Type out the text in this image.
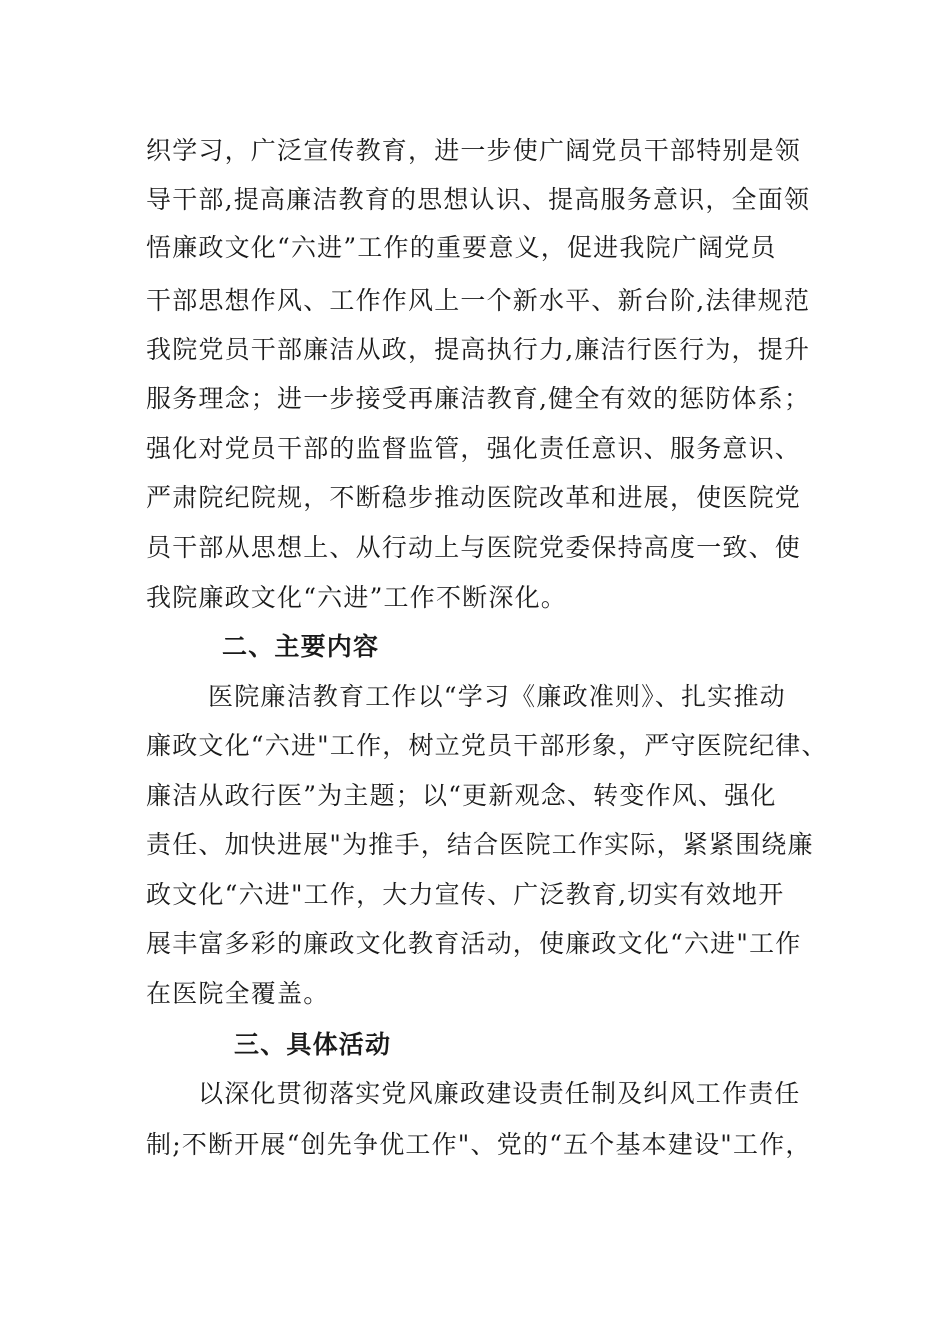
织学习，广泛宣传教育，进一步使广阔党员干部特别是领
导干部,提高廉洁教育的思想认识、提高服务意识，全面领
悟廉政文化“六进”工作的重要意义，促进我院广阔党员
干部思想作风、工作作风上一个新水平、新台阶,法律规范
我院党员干部廉洁从政，提高执行力,廉洁行医行为，提升
服务理念；进一步接受再廉洁教育,健全有效的惩防体系；
强化对党员干部的监督监管，强化责任意识、服务意识、
严肃院纪院规，不断稳步推动医院改革和进展，使医院党
员干部从思想上、从行动上与医院党委保持高度一致、使
我院廉政文化“六进”工作不断深化。
二、主要内容
医院廉洁教育工作以“学习《廉政准则》、扎实推动
廉政文化“六进"工作，树立党员干部形象，严守医院纪律、
廉洁从政行医”为主题；以“更新观念、转变作风、强化
责任、加快进展"为推手，结合医院工作实际，紧紧围绕廉
政文化“六进"工作，大力宣传、广泛教育,切实有效地开
展丰富多彩的廉政文化教育活动，使廉政文化“六进"工作
在医院全覆盖。
三、具体活动
以深化贯彻落实党风廉政建设责任制及纠风工作责任
制;不断开展“创先争优工作"、党的“五个基本建设"工作，
